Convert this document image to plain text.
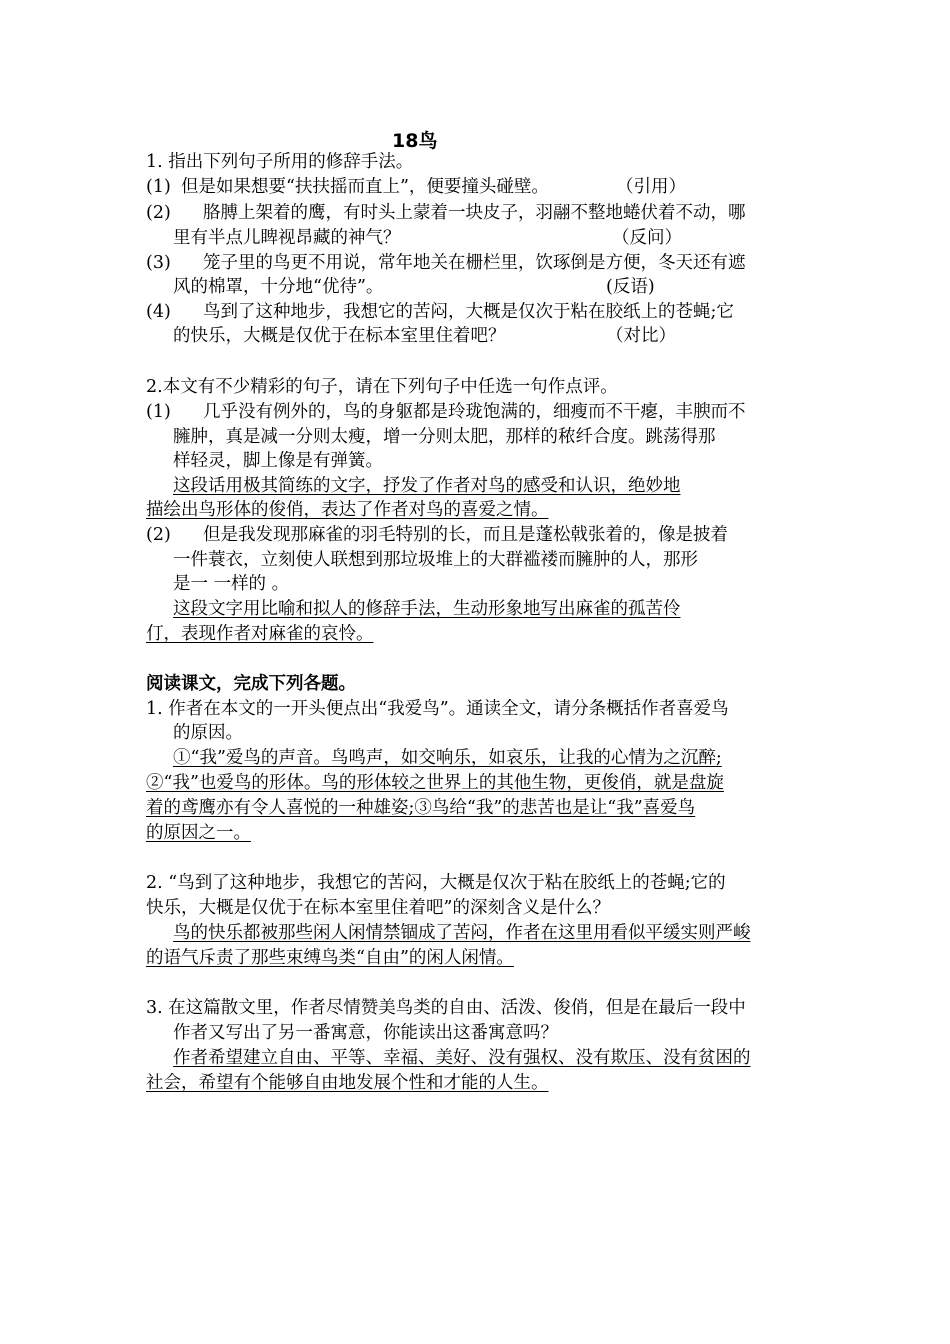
18鸟
1. 指出下列句子所用的修辞手法。
(1) 但是如果想要“扶扶摇而直上”，便要撞头碰壁。	（引用）
(2) 胳膊上架着的鹰，有时头上蒙着一块皮子，羽翮不整地蜷伏着不动，哪
里有半点儿睥视昂藏的神气？	（反问）
(3) 笼子里的鸟更不用说，常年地关在栅栏里，饮琢倒是方便，冬天还有遮
风的棉罩，十分地“优待”。	(反语)
(4) 鸟到了这种地步，我想它的苦闷，大概是仅次于粘在胶纸上的苍蝇;它
的快乐，大概是仅优于在标本室里住着吧？	（对比）
2.本文有不少精彩的句子，请在下列句子中任选一句作点评。
(1) 几乎没有例外的，鸟的身躯都是玲珑饱满的，细瘦而不干瘪，丰腴而不
臃肿，真是减一分则太瘦，增一分则太肥，那样的秾纤合度。跳荡得那
样轻灵，脚上像是有弹簧。
这段话用极其简练的文字，抒发了作者对鸟的感受和认识，绝妙地
描绘出鸟形体的俊俏，表达了作者对鸟的喜爱之情。
(2) 但是我发现那麻雀的羽毛特别的长，而且是蓬松戟张着的，像是披着
一件蓑衣，立刻使人联想到那垃圾堆上的大群褴褛而臃肿的人，那形
是一 一样的 。
这段文字用比喻和拟人的修辞手法，生动形象地写出麻雀的孤苦伶
仃，表现作者对麻雀的哀怜。
阅读课文，完成下列各题。
1. 作者在本文的一开头便点出“我爱鸟”。通读全文，请分条概括作者喜爱鸟
的原因。
①“我”爱鸟的声音。鸟鸣声，如交响乐，如哀乐，让我的心情为之沉醉;
②“我”也爱鸟的形体。鸟的形体较之世界上的其他生物，更俊俏，就是盘旋
着的鸢鹰亦有令人喜悦的一种雄姿;③鸟给“我”的悲苦也是让“我”喜爱鸟
的原因之一。
2. “鸟到了这种地步，我想它的苦闷，大概是仅次于粘在胶纸上的苍蝇;它的
快乐，大概是仅优于在标本室里住着吧”的深刻含义是什么？
鸟的快乐都被那些闲人闲情禁锢成了苦闷，作者在这里用看似平缓实则严峻
的语气斥责了那些束缚鸟类“自由”的闲人闲情。
3. 在这篇散文里，作者尽情赞美鸟类的自由、活泼、俊俏，但是在最后一段中
作者又写出了另一番寓意，你能读出这番寓意吗？
作者希望建立自由、平等、幸福、美好、没有强权、没有欺压、没有贫困的
社会，希望有个能够自由地发展个性和才能的人生。
